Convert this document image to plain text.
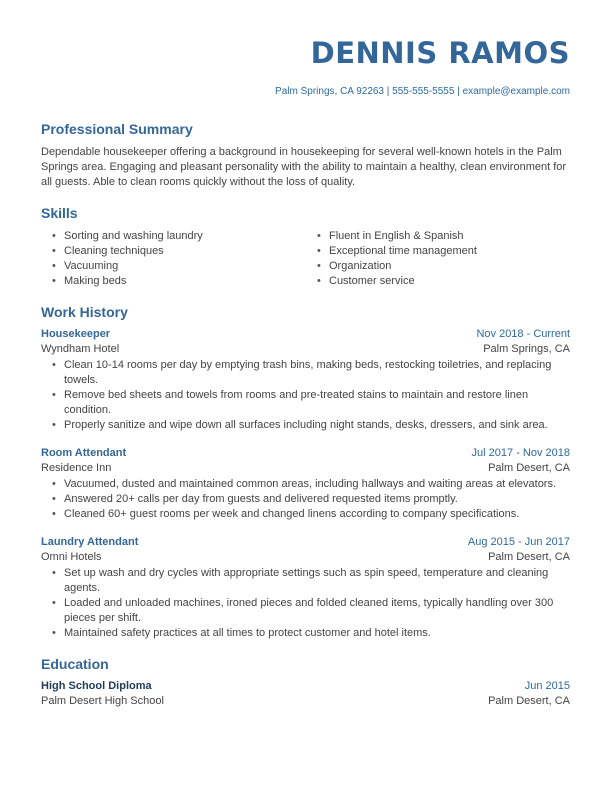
DENNIS RAMOS
Palm Springs, CA 92263 | 555-555-5555 | example@example.com
Professional Summary
Dependable housekeeper offering a background in housekeeping for several well-known hotels in the Palm Springs area. Engaging and pleasant personality with the ability to maintain a healthy, clean environment for all guests. Able to clean rooms quickly without the loss of quality.
Skills
• Sorting and washing laundry
• Cleaning techniques
• Vacuuming
• Making beds
• Fluent in English & Spanish
• Exceptional time management
• Organization
• Customer service
Work History
Housekeeper	Nov 2018 - Current
Wyndham Hotel	Palm Springs, CA
• Clean 10-14 rooms per day by emptying trash bins, making beds, restocking toiletries, and replacing towels.
• Remove bed sheets and towels from rooms and pre-treated stains to maintain and restore linen condition.
• Properly sanitize and wipe down all surfaces including night stands, desks, dressers, and sink area.
Room Attendant	Jul 2017 - Nov 2018
Residence Inn	Palm Desert, CA
• Vacuumed, dusted and maintained common areas, including hallways and waiting areas at elevators.
• Answered 20+ calls per day from guests and delivered requested items promptly.
• Cleaned 60+ guest rooms per week and changed linens according to company specifications.
Laundry Attendant	Aug 2015 - Jun 2017
Omni Hotels	Palm Desert, CA
• Set up wash and dry cycles with appropriate settings such as spin speed, temperature and cleaning agents.
• Loaded and unloaded machines, ironed pieces and folded cleaned items, typically handling over 300 pieces per shift.
• Maintained safety practices at all times to protect customer and hotel items.
Education
High School Diploma	Jun 2015
Palm Desert High School	Palm Desert, CA
